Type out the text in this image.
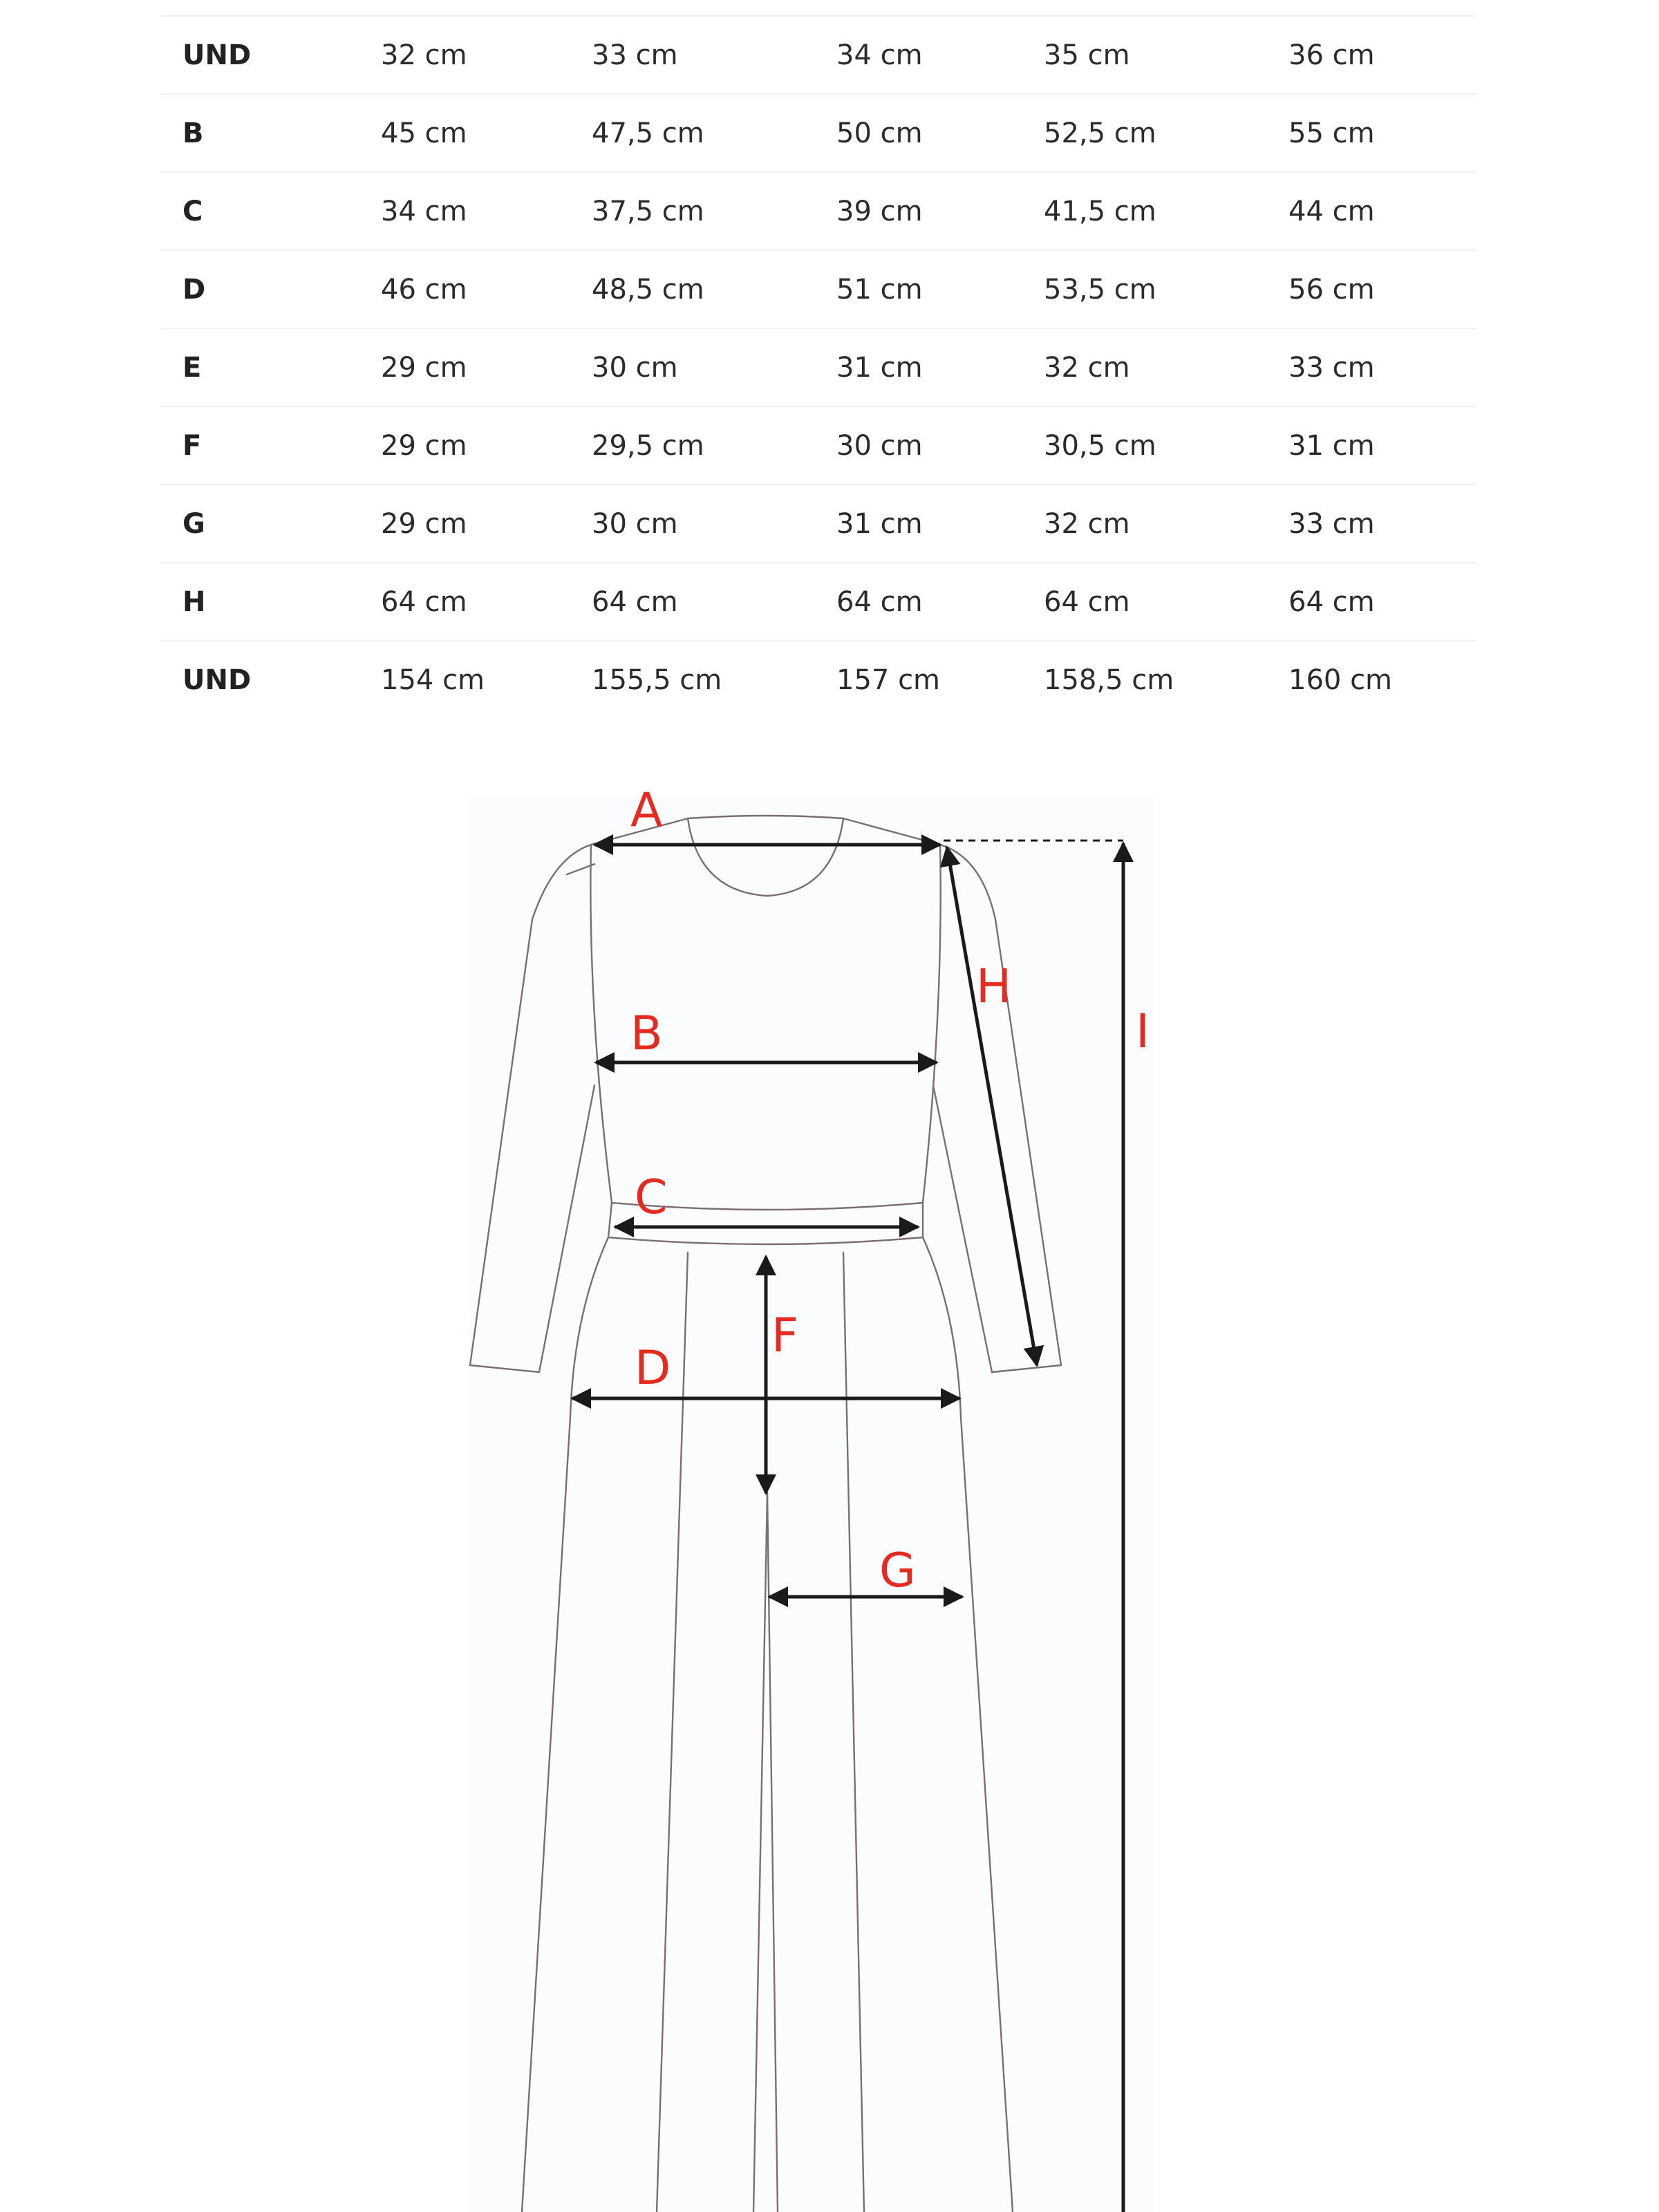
UND	32 cm	33 cm	34 cm	35 cm	36 cm
B	45 cm	47,5 cm	50 cm	52,5 cm	55 cm
C	34 cm	37,5 cm	39 cm	41,5 cm	44 cm
D	46 cm	48,5 cm	51 cm	53,5 cm	56 cm
E	29 cm	30 cm	31 cm	32 cm	33 cm
F	29 cm	29,5 cm	30 cm	30,5 cm	31 cm
G	29 cm	30 cm	31 cm	32 cm	33 cm
H	64 cm	64 cm	64 cm	64 cm	64 cm
UND	154 cm	155,5 cm	157 cm	158,5 cm	160 cm
A
B
C
D
F
G
H
I
